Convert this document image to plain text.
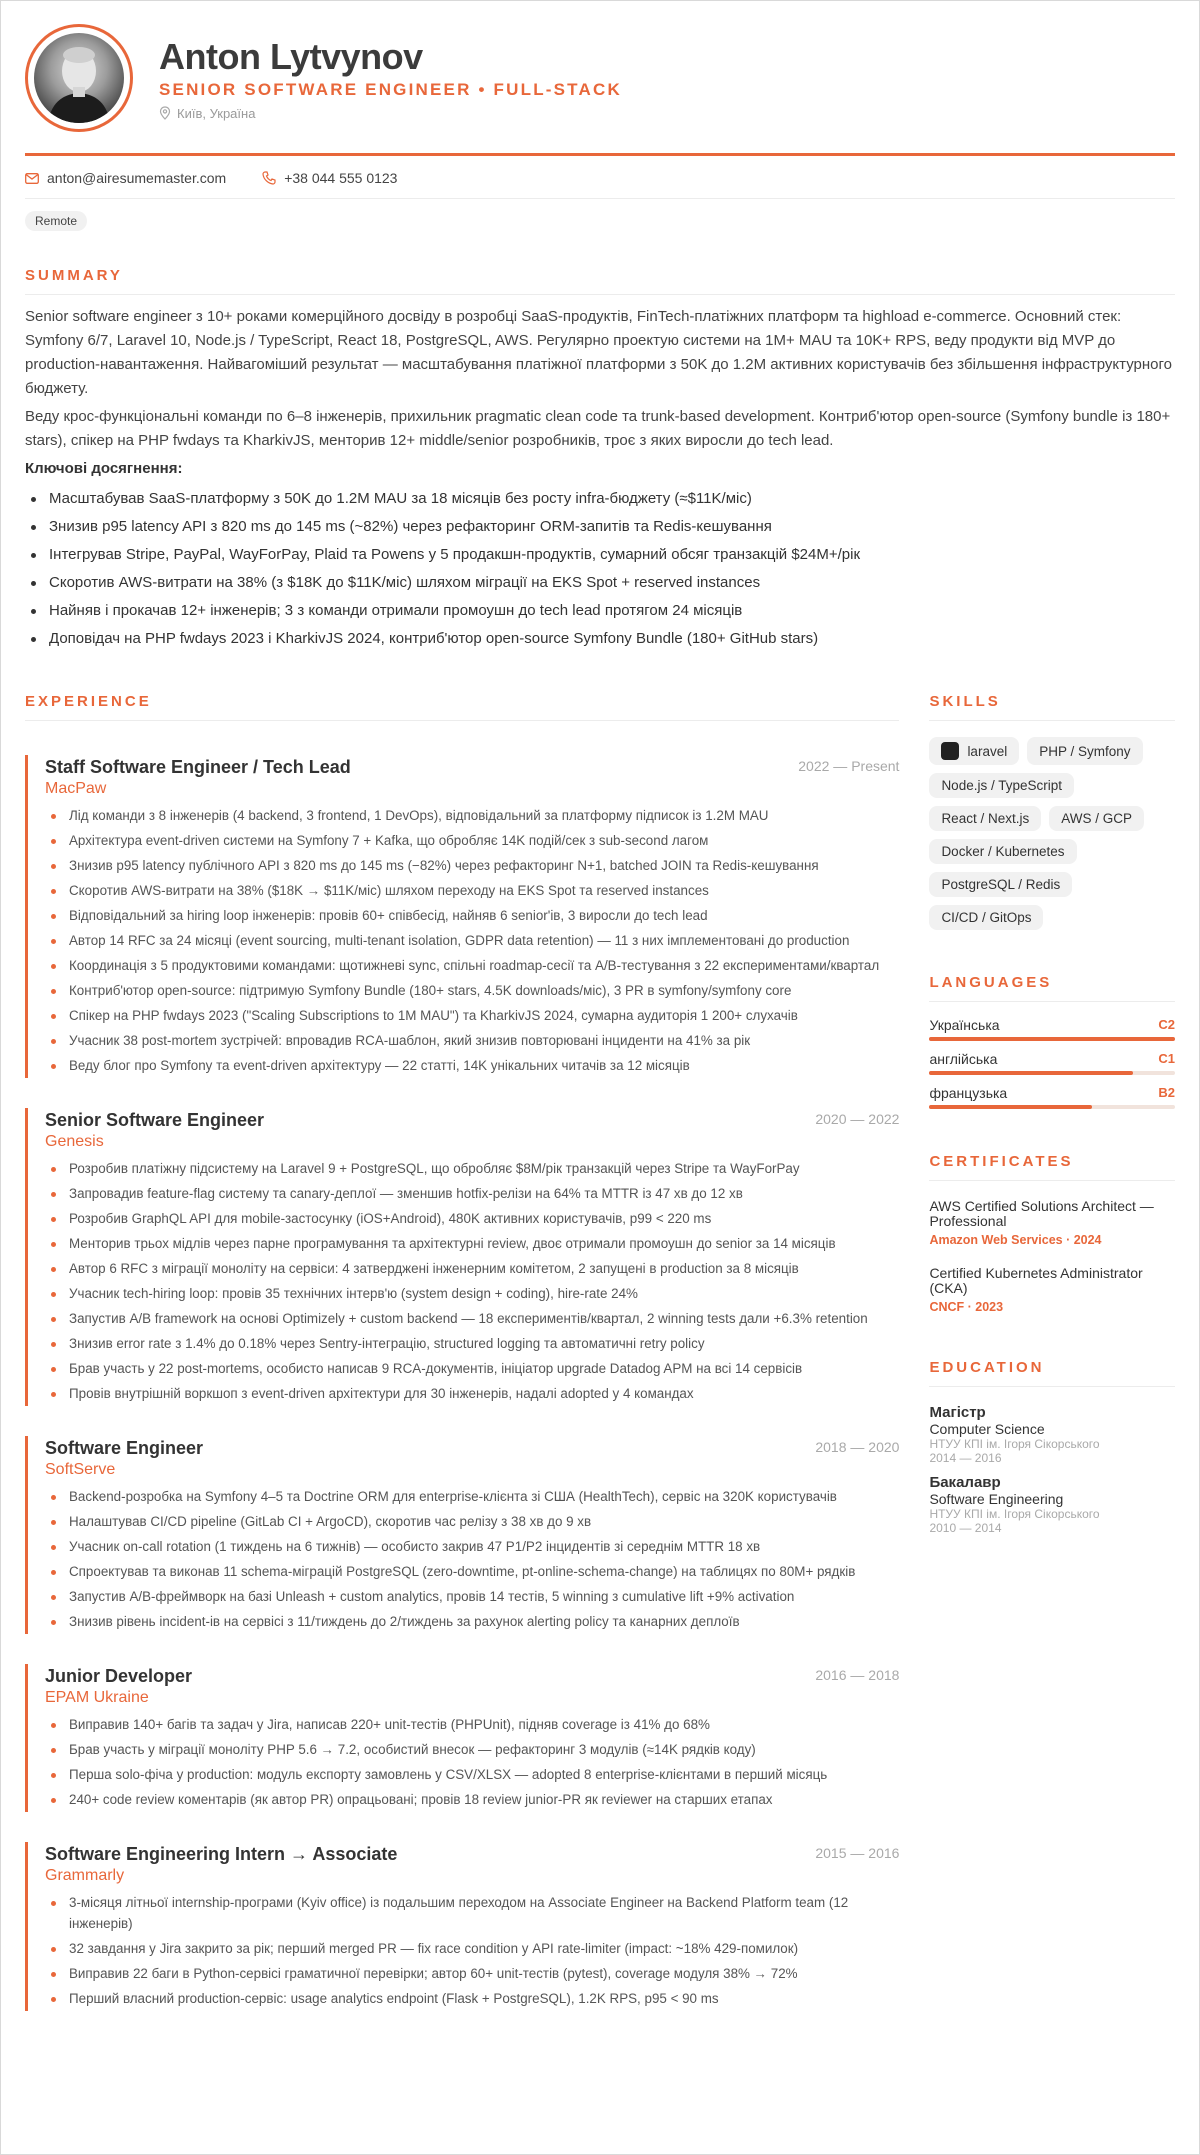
Anton Lytvynov
SENIOR SOFTWARE ENGINEER • FULL-STACK
Київ, Україна
anton@airesumemaster.com	+38 044 555 0123
Remote
SUMMARY

Senior software engineer з 10+ роками комерційного досвіду в розробці SaaS-продуктів, FinTech-платіжних платформ та highload e-commerce. Основний стек: Symfony 6/7, Laravel 10, Node.js / TypeScript, React 18, PostgreSQL, AWS. Регулярно проектую системи на 1M+ MAU та 10K+ RPS, веду продукти від MVP до production-навантаження. Найвагоміший результат — масштабування платіжної платформи з 50K до 1.2M активних користувачів без збільшення інфраструктурного бюджету.

Веду крос-функціональні команди по 6–8 інженерів, прихильник pragmatic clean code та trunk-based development. Контриб'ютор open-source (Symfony bundle із 180+ stars), спікер на PHP fwdays та KharkivJS, менторив 12+ middle/senior розробників, троє з яких виросли до tech lead.

Ключові досягнення:
Масштабував SaaS-платформу з 50K до 1.2M MAU за 18 місяців без росту infra-бюджету (≈$11K/міс)
Знизив p95 latency API з 820 ms до 145 ms (~82%) через рефакторинг ORM-запитів та Redis-кешування
Інтегрував Stripe, PayPal, WayForPay, Plaid та Powens у 5 продакшн-продуктів, сумарний обсяг транзакцій $24M+/рік
Скоротив AWS-витрати на 38% (з $18K до $11K/міс) шляхом міграції на EKS Spot + reserved instances
Найняв і прокачав 12+ інженерів; 3 з команди отримали промоушн до tech lead протягом 24 місяців
Доповідач на PHP fwdays 2023 і KharkivJS 2024, контриб'ютор open-source Symfony Bundle (180+ GitHub stars)
EXPERIENCE
Staff Software Engineer / Tech Lead	2022 — Present
MacPaw
Лід команди з 8 інженерів (4 backend, 3 frontend, 1 DevOps), відповідальний за платформу підписок із 1.2M MAU
Архітектура event-driven системи на Symfony 7 + Kafka, що обробляє 14K подій/сек з sub-second лагом
Знизив p95 latency публічного API з 820 ms до 145 ms (−82%) через рефакторинг N+1, batched JOIN та Redis-кешування
Скоротив AWS-витрати на 38% ($18K → $11K/міс) шляхом переходу на EKS Spot та reserved instances
Відповідальний за hiring loop інженерів: провів 60+ співбесід, найняв 6 senior'ів, 3 виросли до tech lead
Автор 14 RFC за 24 місяці (event sourcing, multi-tenant isolation, GDPR data retention) — 11 з них імплементовані до production
Координація з 5 продуктовими командами: щотижневі sync, спільні roadmap-сесії та A/B-тестування з 22 експериментами/квартал
Контриб'ютор open-source: підтримую Symfony Bundle (180+ stars, 4.5K downloads/міс), 3 PR в symfony/symfony core
Спікер на PHP fwdays 2023 ("Scaling Subscriptions to 1M MAU") та KharkivJS 2024, сумарна аудиторія 1 200+ слухачів
Учасник 38 post-mortem зустрічей: впровадив RCA-шаблон, який знизив повторювані інциденти на 41% за рік
Веду блог про Symfony та event-driven архітектуру — 22 статті, 14K унікальних читачів за 12 місяців
Senior Software Engineer	2020 — 2022
Genesis
Розробив платіжну підсистему на Laravel 9 + PostgreSQL, що обробляє $8M/рік транзакцій через Stripe та WayForPay
Запровадив feature-flag систему та canary-деплої — зменшив hotfix-релізи на 64% та MTTR із 47 хв до 12 хв
Розробив GraphQL API для mobile-застосунку (iOS+Android), 480K активних користувачів, p99 < 220 ms
Менторив трьох мідлів через парне програмування та архітектурні review, двоє отримали промоушн до senior за 14 місяців
Автор 6 RFC з міграції моноліту на сервіси: 4 затверджені інженерним комітетом, 2 запущені в production за 8 місяців
Учасник tech-hiring loop: провів 35 технічних інтерв'ю (system design + coding), hire-rate 24%
Запустив A/B framework на основі Optimizely + custom backend — 18 експериментів/квартал, 2 winning tests дали +6.3% retention
Знизив error rate з 1.4% до 0.18% через Sentry-інтеграцію, structured logging та автоматичні retry policy
Брав участь у 22 post-mortems, особисто написав 9 RCA-документів, ініціатор upgrade Datadog APM на всі 14 сервісів
Провів внутрішній воркшоп з event-driven архітектури для 30 інженерів, надалі adopted у 4 командах
Software Engineer	2018 — 2020
SoftServe
Backend-розробка на Symfony 4–5 та Doctrine ORM для enterprise-клієнта зі США (HealthTech), сервіс на 320K користувачів
Налаштував CI/CD pipeline (GitLab CI + ArgoCD), скоротив час релізу з 38 хв до 9 хв
Учасник on-call rotation (1 тиждень на 6 тижнів) — особисто закрив 47 P1/P2 інцидентів зі середнім MTTR 18 хв
Спроектував та виконав 11 schema-міграцій PostgreSQL (zero-downtime, pt-online-schema-change) на таблицях по 80M+ рядків
Запустив A/B-фреймворк на базі Unleash + custom analytics, провів 14 тестів, 5 winning з cumulative lift +9% activation
Знизив рівень incident-ів на сервісі з 11/тиждень до 2/тиждень за рахунок alerting policy та канарних деплоїв
Junior Developer	2016 — 2018
EPAM Ukraine
Виправив 140+ багів та задач у Jira, написав 220+ unit-тестів (PHPUnit), підняв coverage із 41% до 68%
Брав участь у міграції моноліту PHP 5.6 → 7.2, особистий внесок — рефакторинг 3 модулів (≈14K рядків коду)
Перша solo-фіча у production: модуль експорту замовлень у CSV/XLSX — adopted 8 enterprise-клієнтами в перший місяць
240+ code review коментарів (як автор PR) опрацьовані; провів 18 review junior-PR як reviewer на старших етапах
Software Engineering Intern → Associate	2015 — 2016
Grammarly
3-місяця літньої internship-програми (Kyiv office) із подальшим переходом на Associate Engineer на Backend Platform team (12 інженерів)
32 завдання у Jira закрито за рік; перший merged PR — fix race condition у API rate-limiter (impact: ~18% 429-помилок)
Виправив 22 баги в Python-сервісі граматичної перевірки; автор 60+ unit-тестів (pytest), coverage модуля 38% → 72%
Перший власний production-сервіс: usage analytics endpoint (Flask + PostgreSQL), 1.2K RPS, p95 < 90 ms
SKILLS
laravel PHP / Symfony
Node.js / TypeScript
React / Next.js AWS / GCP
Docker / Kubernetes
PostgreSQL / Redis
CI/CD / GitOps
LANGUAGES
Українська	C2
англійська	C1
французька	B2
CERTIFICATES
AWS Certified Solutions Architect — Professional
Amazon Web Services · 2024
Certified Kubernetes Administrator (CKA)
CNCF · 2023
EDUCATION
Магістр
Computer Science
НТУУ КПІ ім. Ігоря Сікорського
2014 — 2016
Бакалавр
Software Engineering
НТУУ КПІ ім. Ігоря Сікорського
2010 — 2014
